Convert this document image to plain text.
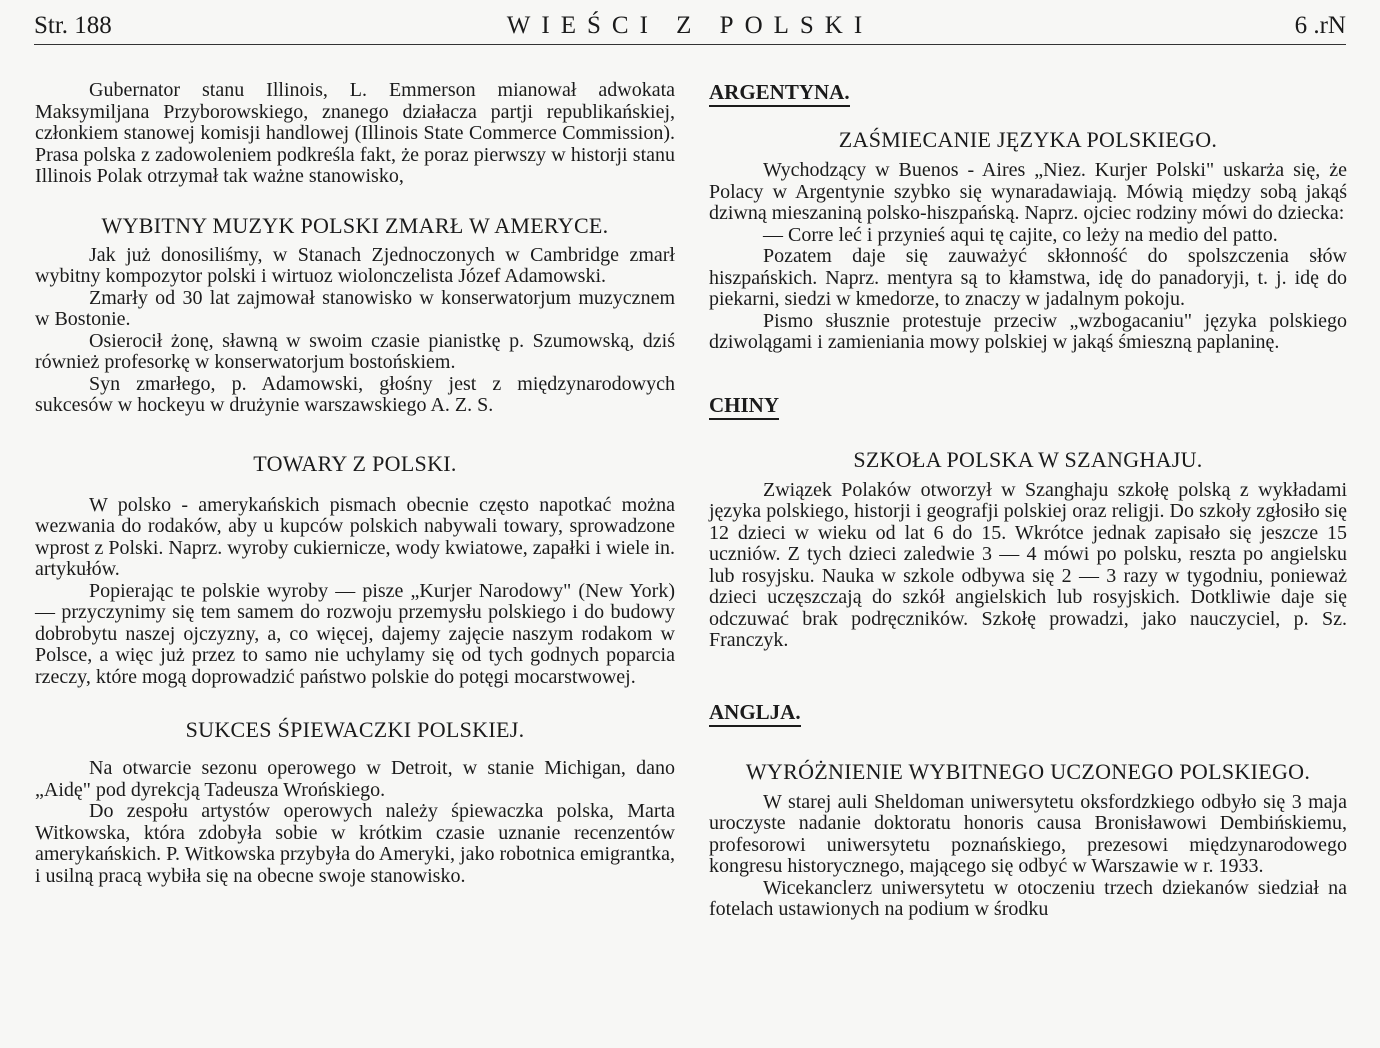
Str. 188	WIEŚCI Z POLSKI	6 .rN

Gubernator stanu Illinois, L. Emmerson mianował adwokata Maksymiljana Przyborowskiego, znanego działacza partji republikańskiej, członkiem stanowej komisji handlowej (Illinois State Commerce Commission). Prasa polska z zadowoleniem podkreśla fakt, że poraz pierwszy w historji stanu Illinois Polak otrzymał tak ważne stanowisko,

WYBITNY MUZYK POLSKI ZMARŁ W AMERYCE.

Jak już donosiliśmy, w Stanach Zjednoczonych w Cambridge zmarł wybitny kompozytor polski i wirtuoz wiolonczelista Józef Adamowski.

Zmarły od 30 lat zajmował stanowisko w konserwatorjum muzycznem w Bostonie.

Osierocił żonę, sławną w swoim czasie pianistkę p. Szumowską, dziś również profesorkę w konserwatorjum bostońskiem.

Syn zmarłego, p. Adamowski, głośny jest z międzynarodowych sukcesów w hockeyu w drużynie warszawskiego A. Z. S.

TOWARY Z POLSKI.

W polsko - amerykańskich pismach obecnie często napotkać można wezwania do rodaków, aby u kupców polskich nabywali towary, sprowadzone wprost z Polski. Naprz. wyroby cukiernicze, wody kwiatowe, zapałki i wiele in. artykułów.

Popierając te polskie wyroby — pisze „Kurjer Narodowy" (New York) — przyczynimy się tem samem do rozwoju przemysłu polskiego i do budowy dobrobytu naszej ojczyzny, a, co więcej, dajemy zajęcie naszym rodakom w Polsce, a więc już przez to samo nie uchylamy się od tych godnych poparcia rzeczy, które mogą doprowadzić państwo polskie do potęgi mocarstwowej.

SUKCES ŚPIEWACZKI POLSKIEJ.

Na otwarcie sezonu operowego w Detroit, w stanie Michigan, dano „Aidę" pod dyrekcją Tadeusza Wrońskiego.

Do zespołu artystów operowych należy śpiewaczka polska, Marta Witkowska, która zdobyła sobie w krótkim czasie uznanie recenzentów amerykańskich. P. Witkowska przybyła do Ameryki, jako robotnica emigrantka, i usilną pracą wybiła się na obecne swoje stanowisko.

ARGENTYNA.
ZAŚMIECANIE JĘZYKA POLSKIEGO.

Wychodzący w Buenos - Aires „Niez. Kurjer Polski" uskarża się, że Polacy w Argentynie szybko się wynaradawiają. Mówią między sobą jakąś dziwną mieszaniną polsko-hiszpańską. Naprz. ojciec rodziny mówi do dziecka:

— Corre leć i przynieś aqui tę cajite, co leży na medio del patto.

Pozatem daje się zauważyć skłonność do spolszczenia słów hiszpańskich. Naprz. mentyra są to kłamstwa, idę do panadoryji, t. j. idę do piekarni, siedzi w kmedorze, to znaczy w jadalnym pokoju.

Pismo słusznie protestuje przeciw „wzbogacaniu" języka polskiego dziwolągami i zamieniania mowy polskiej w jakąś śmieszną paplaninę.

CHINY
SZKOŁA POLSKA W SZANGHAJU.

Związek Polaków otworzył w Szanghaju szkołę polską z wykładami języka polskiego, historji i geografji polskiej oraz religji. Do szkoły zgłosiło się 12 dzieci w wieku od lat 6 do 15. Wkrótce jednak zapisało się jeszcze 15 uczniów. Z tych dzieci zaledwie 3 — 4 mówi po polsku, reszta po angielsku lub rosyjsku. Nauka w szkole odbywa się 2 — 3 razy w tygodniu, ponieważ dzieci uczęszczają do szkół angielskich lub rosyjskich. Dotkliwie daje się odczuwać brak podręczników. Szkołę prowadzi, jako nauczyciel, p. Sz. Franczyk.

ANGLJA.
WYRÓŻNIENIE WYBITNEGO UCZONEGO POLSKIEGO.

W starej auli Sheldoman uniwersytetu oksfordzkiego odbyło się 3 maja uroczyste nadanie doktoratu honoris causa Bronisławowi Dembińskiemu, profesorowi uniwersytetu poznańskiego, prezesowi międzynarodowego kongresu historycznego, mającego się odbyć w Warszawie w r. 1933.

Wicekanclerz uniwersytetu w otoczeniu trzech dziekanów siedział na fotelach ustawionych na podium w środku
